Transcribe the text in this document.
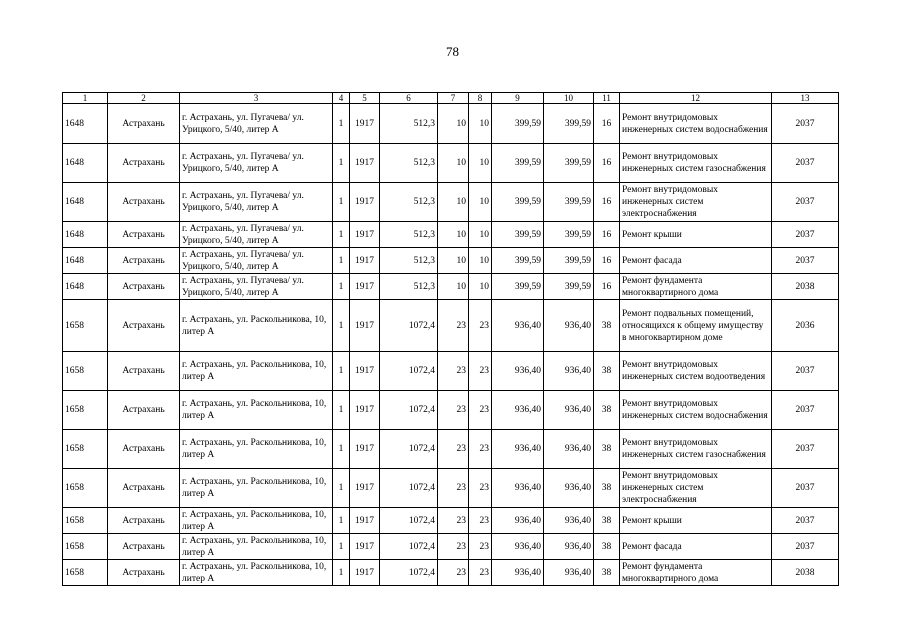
78
1	2	3	4	5	6	7	8	9	10	11	12	13
1648	Астрахань	г. Астрахань, ул. Пугачева/ ул. Урицкого, 5/40, литер А	1	1917	512,3	10	10	399,59	399,59	16	Ремонт внутридомовых инженерных систем водоснабжения	2037
1648	Астрахань	г. Астрахань, ул. Пугачева/ ул. Урицкого, 5/40, литер А	1	1917	512,3	10	10	399,59	399,59	16	Ремонт внутридомовых инженерных систем газоснабжения	2037
1648	Астрахань	г. Астрахань, ул. Пугачева/ ул. Урицкого, 5/40, литер А	1	1917	512,3	10	10	399,59	399,59	16	Ремонт внутридомовых инженерных систем электроснабжения	2037
1648	Астрахань	г. Астрахань, ул. Пугачева/ ул. Урицкого, 5/40, литер А	1	1917	512,3	10	10	399,59	399,59	16	Ремонт крыши	2037
1648	Астрахань	г. Астрахань, ул. Пугачева/ ул. Урицкого, 5/40, литер А	1	1917	512,3	10	10	399,59	399,59	16	Ремонт фасада	2037
1648	Астрахань	г. Астрахань, ул. Пугачева/ ул. Урицкого, 5/40, литер А	1	1917	512,3	10	10	399,59	399,59	16	Ремонт фундамента многоквартирного дома	2038
1658	Астрахань	г. Астрахань, ул. Раскольникова, 10, литер А	1	1917	1072,4	23	23	936,40	936,40	38	Ремонт подвальных помещений, относящихся к общему имуществу в многоквартирном доме	2036
1658	Астрахань	г. Астрахань, ул. Раскольникова, 10, литер А	1	1917	1072,4	23	23	936,40	936,40	38	Ремонт внутридомовых инженерных систем водоотведения	2037
1658	Астрахань	г. Астрахань, ул. Раскольникова, 10, литер А	1	1917	1072,4	23	23	936,40	936,40	38	Ремонт внутридомовых инженерных систем водоснабжения	2037
1658	Астрахань	г. Астрахань, ул. Раскольникова, 10, литер А	1	1917	1072,4	23	23	936,40	936,40	38	Ремонт внутридомовых инженерных систем газоснабжения	2037
1658	Астрахань	г. Астрахань, ул. Раскольникова, 10, литер А	1	1917	1072,4	23	23	936,40	936,40	38	Ремонт внутридомовых инженерных систем электроснабжения	2037
1658	Астрахань	г. Астрахань, ул. Раскольникова, 10, литер А	1	1917	1072,4	23	23	936,40	936,40	38	Ремонт крыши	2037
1658	Астрахань	г. Астрахань, ул. Раскольникова, 10, литер А	1	1917	1072,4	23	23	936,40	936,40	38	Ремонт фасада	2037
1658	Астрахань	г. Астрахань, ул. Раскольникова, 10, литер А	1	1917	1072,4	23	23	936,40	936,40	38	Ремонт фундамента многоквартирного дома	2038
